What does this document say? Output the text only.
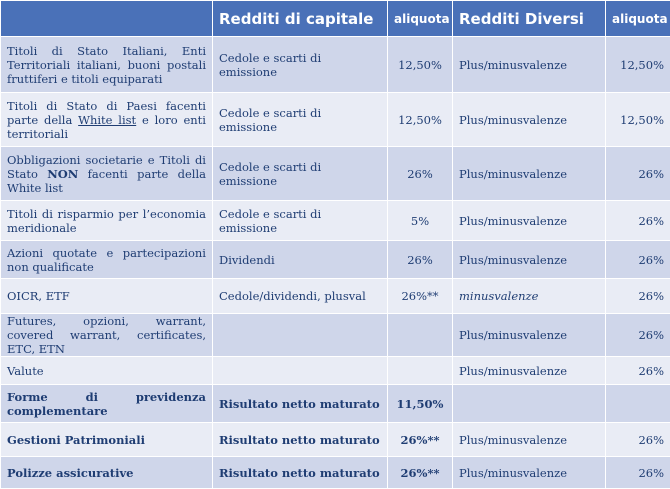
	Redditi di capitale	aliquota	Redditi Diversi	aliquota
Titoli di Stato Italiani, Enti Territoriali italiani, buoni postali fruttiferi e titoli equiparati	Cedole e scarti di emissione	12,50%	Plus/minusvalenze	12,50%
Titoli di Stato di Paesi facenti parte della White list e loro enti territoriali	Cedole e scarti di emissione	12,50%	Plus/minusvalenze	12,50%
Obbligazioni societarie e Titoli di Stato NON facenti parte della White list	Cedole e scarti di emissione	26%	Plus/minusvalenze	26%
Titoli di risparmio per l’economia meridionale	Cedole e scarti di emissione	5%	Plus/minusvalenze	26%
Azioni quotate e partecipazioni non qualificate	Dividendi	26%	Plus/minusvalenze	26%
OICR, ETF	Cedole/dividendi, plusval	26%**	minusvalenze	26%
Futures, opzioni, warrant, covered warrant, certificates, ETC, ETN			Plus/minusvalenze	26%
Valute			Plus/minusvalenze	26%
Forme di previdenza complementare	Risultato netto maturato	11,50%		
Gestioni Patrimoniali	Risultato netto maturato	26%**	Plus/minusvalenze	26%
Polizze assicurative	Risultato netto maturato	26%**	Plus/minusvalenze	26%
